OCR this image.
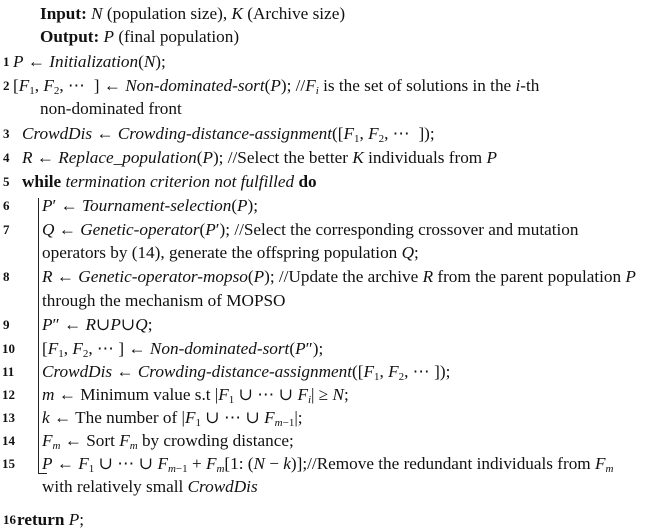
Input: N (population size), K (Archive size)
Output: P (final population)
1 P ← Initialization(N);
2 [$F_1$, $F_2$, ⋯  ] ← Non-dominated-sort(P); $//F_i$ is the set of solutions in the i-th
non-dominated front
3 CrowdDis ← Crowding-$distance-assignment([F_1$, $F_2$, ⋯  ]);
4 R ← Replace_population(P); //Select the better K individuals from P
5 while termination criterion not fulfilled do
6 P′ ← Tournament-selection(P);
7 Q ← Genetic-operator(P′); //Select the corresponding crossover and mutation
operators by (14), generate the offspring population Q;
8 R ← Genetic-operator-mopso(P); //Update the archive R from the parent population P
through the mechanism of MOPSO
9 P″ ← R∪P∪Q;
10 [$F_1$, $F_2$, ⋯ ] ← Non-dominated-sort(P″);
11 CrowdDis ← Crowding-$distance-assignment([F_1$, $F_2$, ⋯ ]);
12 m ← Minimum value s.t $|F_1$ ∪ ⋯ ∪ $F_i| \ge N$;
13 k ← The number of $|F_1$ ∪ ⋯ ∪ $F_{m-1}|$;
14 $F_m$ ← Sort $F_m$ by crowding distance;
15 P ← $F_1$ ∪ ⋯ ∪ $F_{m-1} + F_m[1$: (N − k)];//Remove the redundant individuals from $F_m$
with relatively small CrowdDis
16 return P;
